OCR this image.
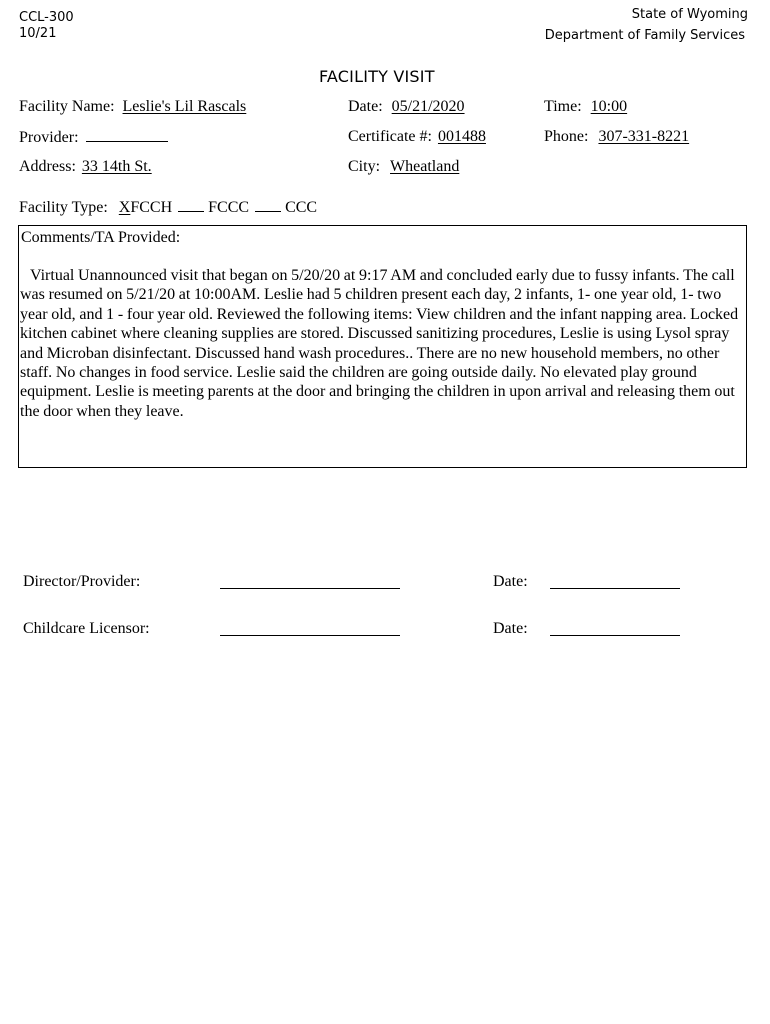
CCL-300
10/21
State of Wyoming
Department of Family Services
FACILITY VISIT
Facility Name: Leslie's Lil Rascals	Date: 05/21/2020	Time: 10:00
Provider:	Certificate #: 001488	Phone: 307-331-8221
Address: 33 14th St.	City: Wheatland
Facility Type: XFCCH FCCC CCC
Comments/TA Provided:
Virtual Unannounced visit that began on 5/20/20 at 9:17 AM and concluded early due to fussy infants. The call was resumed on 5/21/20 at 10:00AM. Leslie had 5 children present each day, 2 infants, 1- one year old, 1- two year old, and 1 - four year old. Reviewed the following items: View children and the infant napping area. Locked kitchen cabinet where cleaning supplies are stored. Discussed sanitizing procedures, Leslie is using Lysol spray and Microban disinfectant. Discussed hand wash procedures.. There are no new household members, no other staff. No changes in food service. Leslie said the children are going outside daily. No elevated play ground equipment. Leslie is meeting parents at the door and bringing the children in upon arrival and releasing them out the door when they leave.
Director/Provider:	Date:
Childcare Licensor:	Date:
